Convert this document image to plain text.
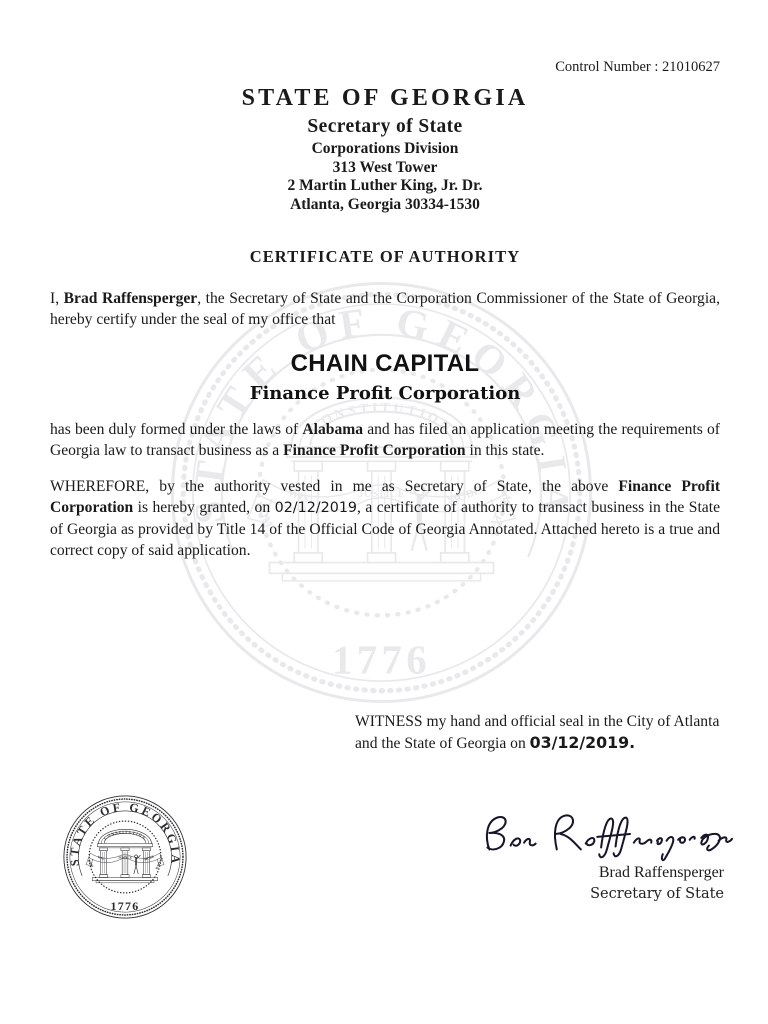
Control Number : 21010627
STATE OF GEORGIA
Secretary of State
Corporations Division
313 West Tower
2 Martin Luther King, Jr. Dr.
Atlanta, Georgia 30334-1530
CERTIFICATE OF AUTHORITY
I, Brad Raffensperger, the Secretary of State and the Corporation Commissioner of the State of Georgia, hereby certify under the seal of my office that
CHAIN CAPITAL
Finance Profit Corporation
has been duly formed under the laws of Alabama and has filed an application meeting the requirements of Georgia law to transact business as a Finance Profit Corporation in this state.
WHEREFORE, by the authority vested in me as Secretary of State, the above Finance Profit Corporation is hereby granted, on 02/12/2019, a certificate of authority to transact business in the State of Georgia as provided by Title 14 of the Official Code of Georgia Annotated. Attached hereto is a true and correct copy of said application.
WITNESS my hand and official seal in the City of Atlanta and the State of Georgia on 03/12/2019.
Brad Raffensperger
Secretary of State
